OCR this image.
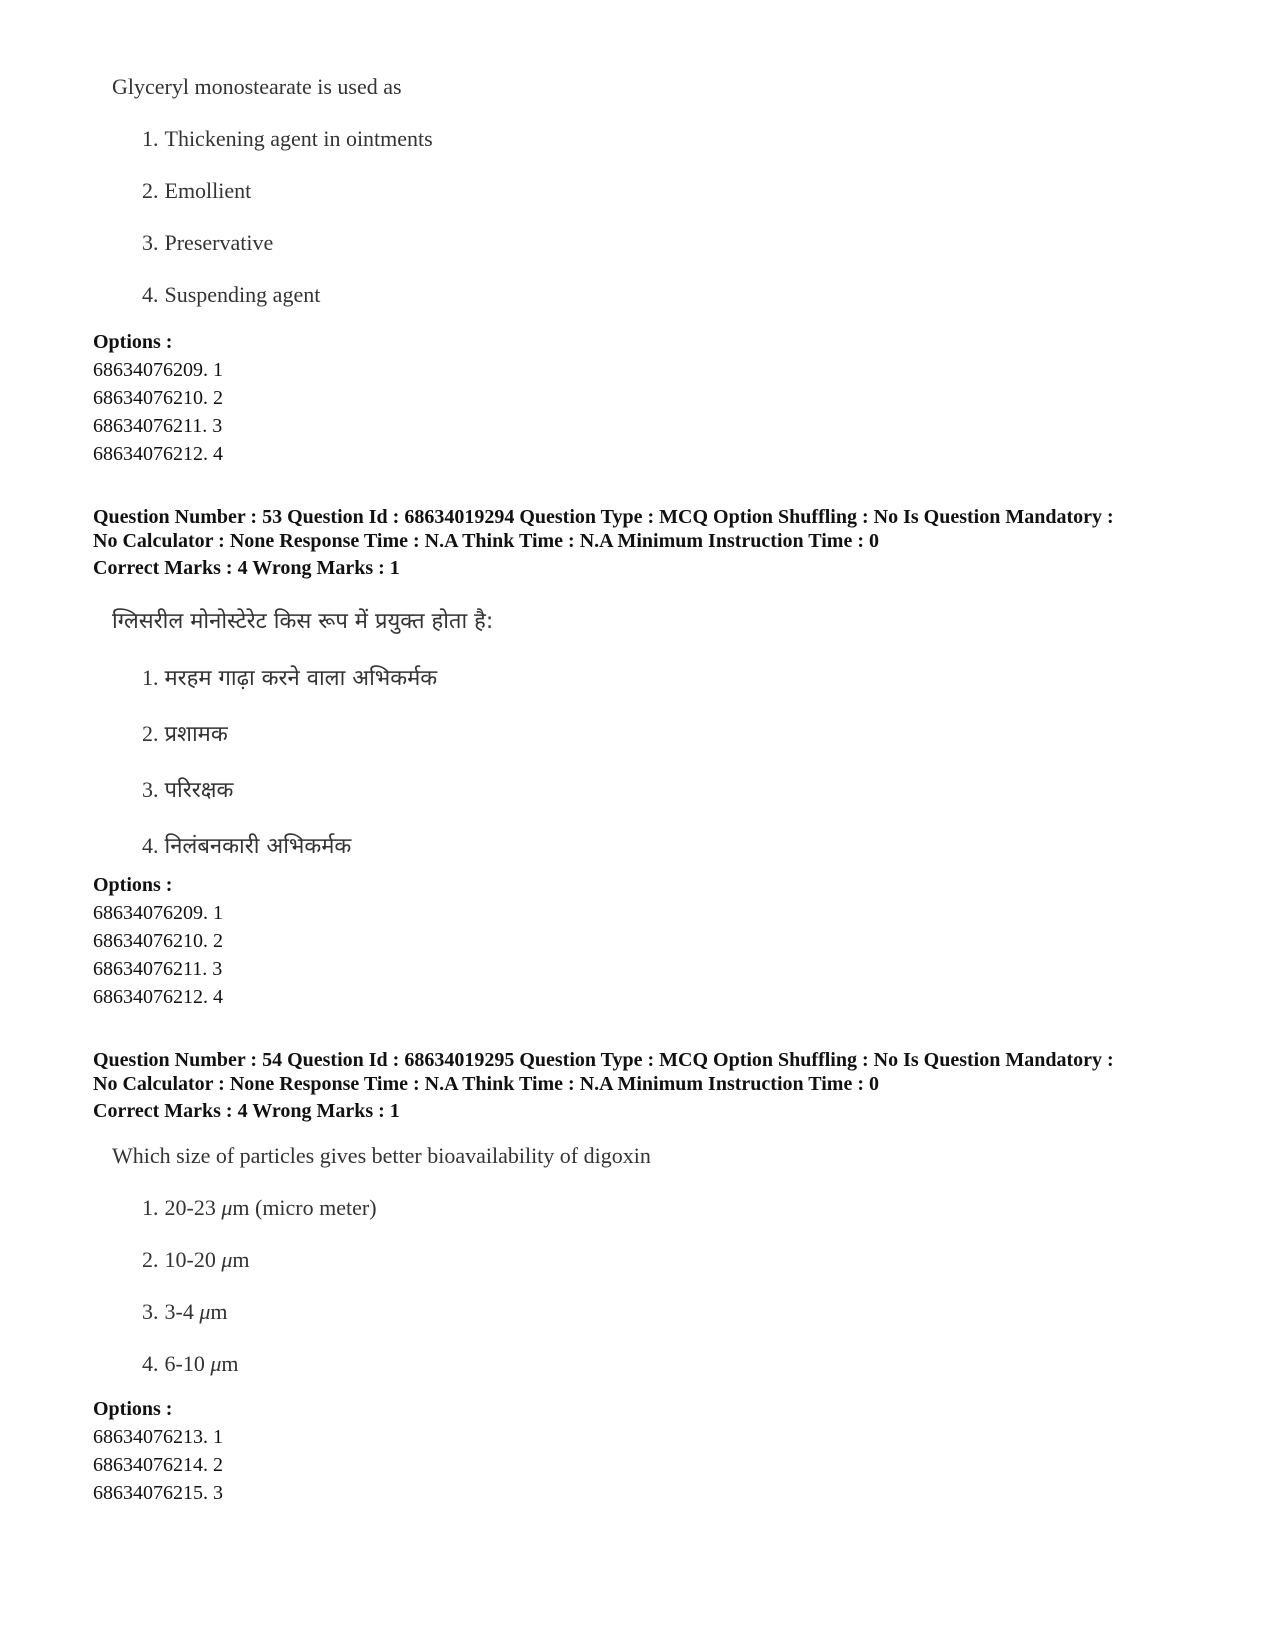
Glyceryl monostearate is used as
1. Thickening agent in ointments
2. Emollient
3. Preservative
4. Suspending agent
Options :
68634076209. 1
68634076210. 2
68634076211. 3
68634076212. 4
Question Number : 53 Question Id : 68634019294 Question Type : MCQ Option Shuffling : No Is Question Mandatory :
No Calculator : None Response Time : N.A Think Time : N.A Minimum Instruction Time : 0
Correct Marks : 4 Wrong Marks : 1
ग्लिसरील मोनोस्टेरेट किस रूप में प्रयुक्त होता है:
1. मरहम गाढ़ा करने वाला अभिकर्मक
2. प्रशामक
3. परिरक्षक
4. निलंबनकारी अभिकर्मक
Options :
68634076209. 1
68634076210. 2
68634076211. 3
68634076212. 4
Question Number : 54 Question Id : 68634019295 Question Type : MCQ Option Shuffling : No Is Question Mandatory :
No Calculator : None Response Time : N.A Think Time : N.A Minimum Instruction Time : 0
Correct Marks : 4 Wrong Marks : 1
Which size of particles gives better bioavailability of digoxin
1. 20-23 μm (micro meter)
2. 10-20 μm
3. 3-4 μm
4. 6-10 μm
Options :
68634076213. 1
68634076214. 2
68634076215. 3
